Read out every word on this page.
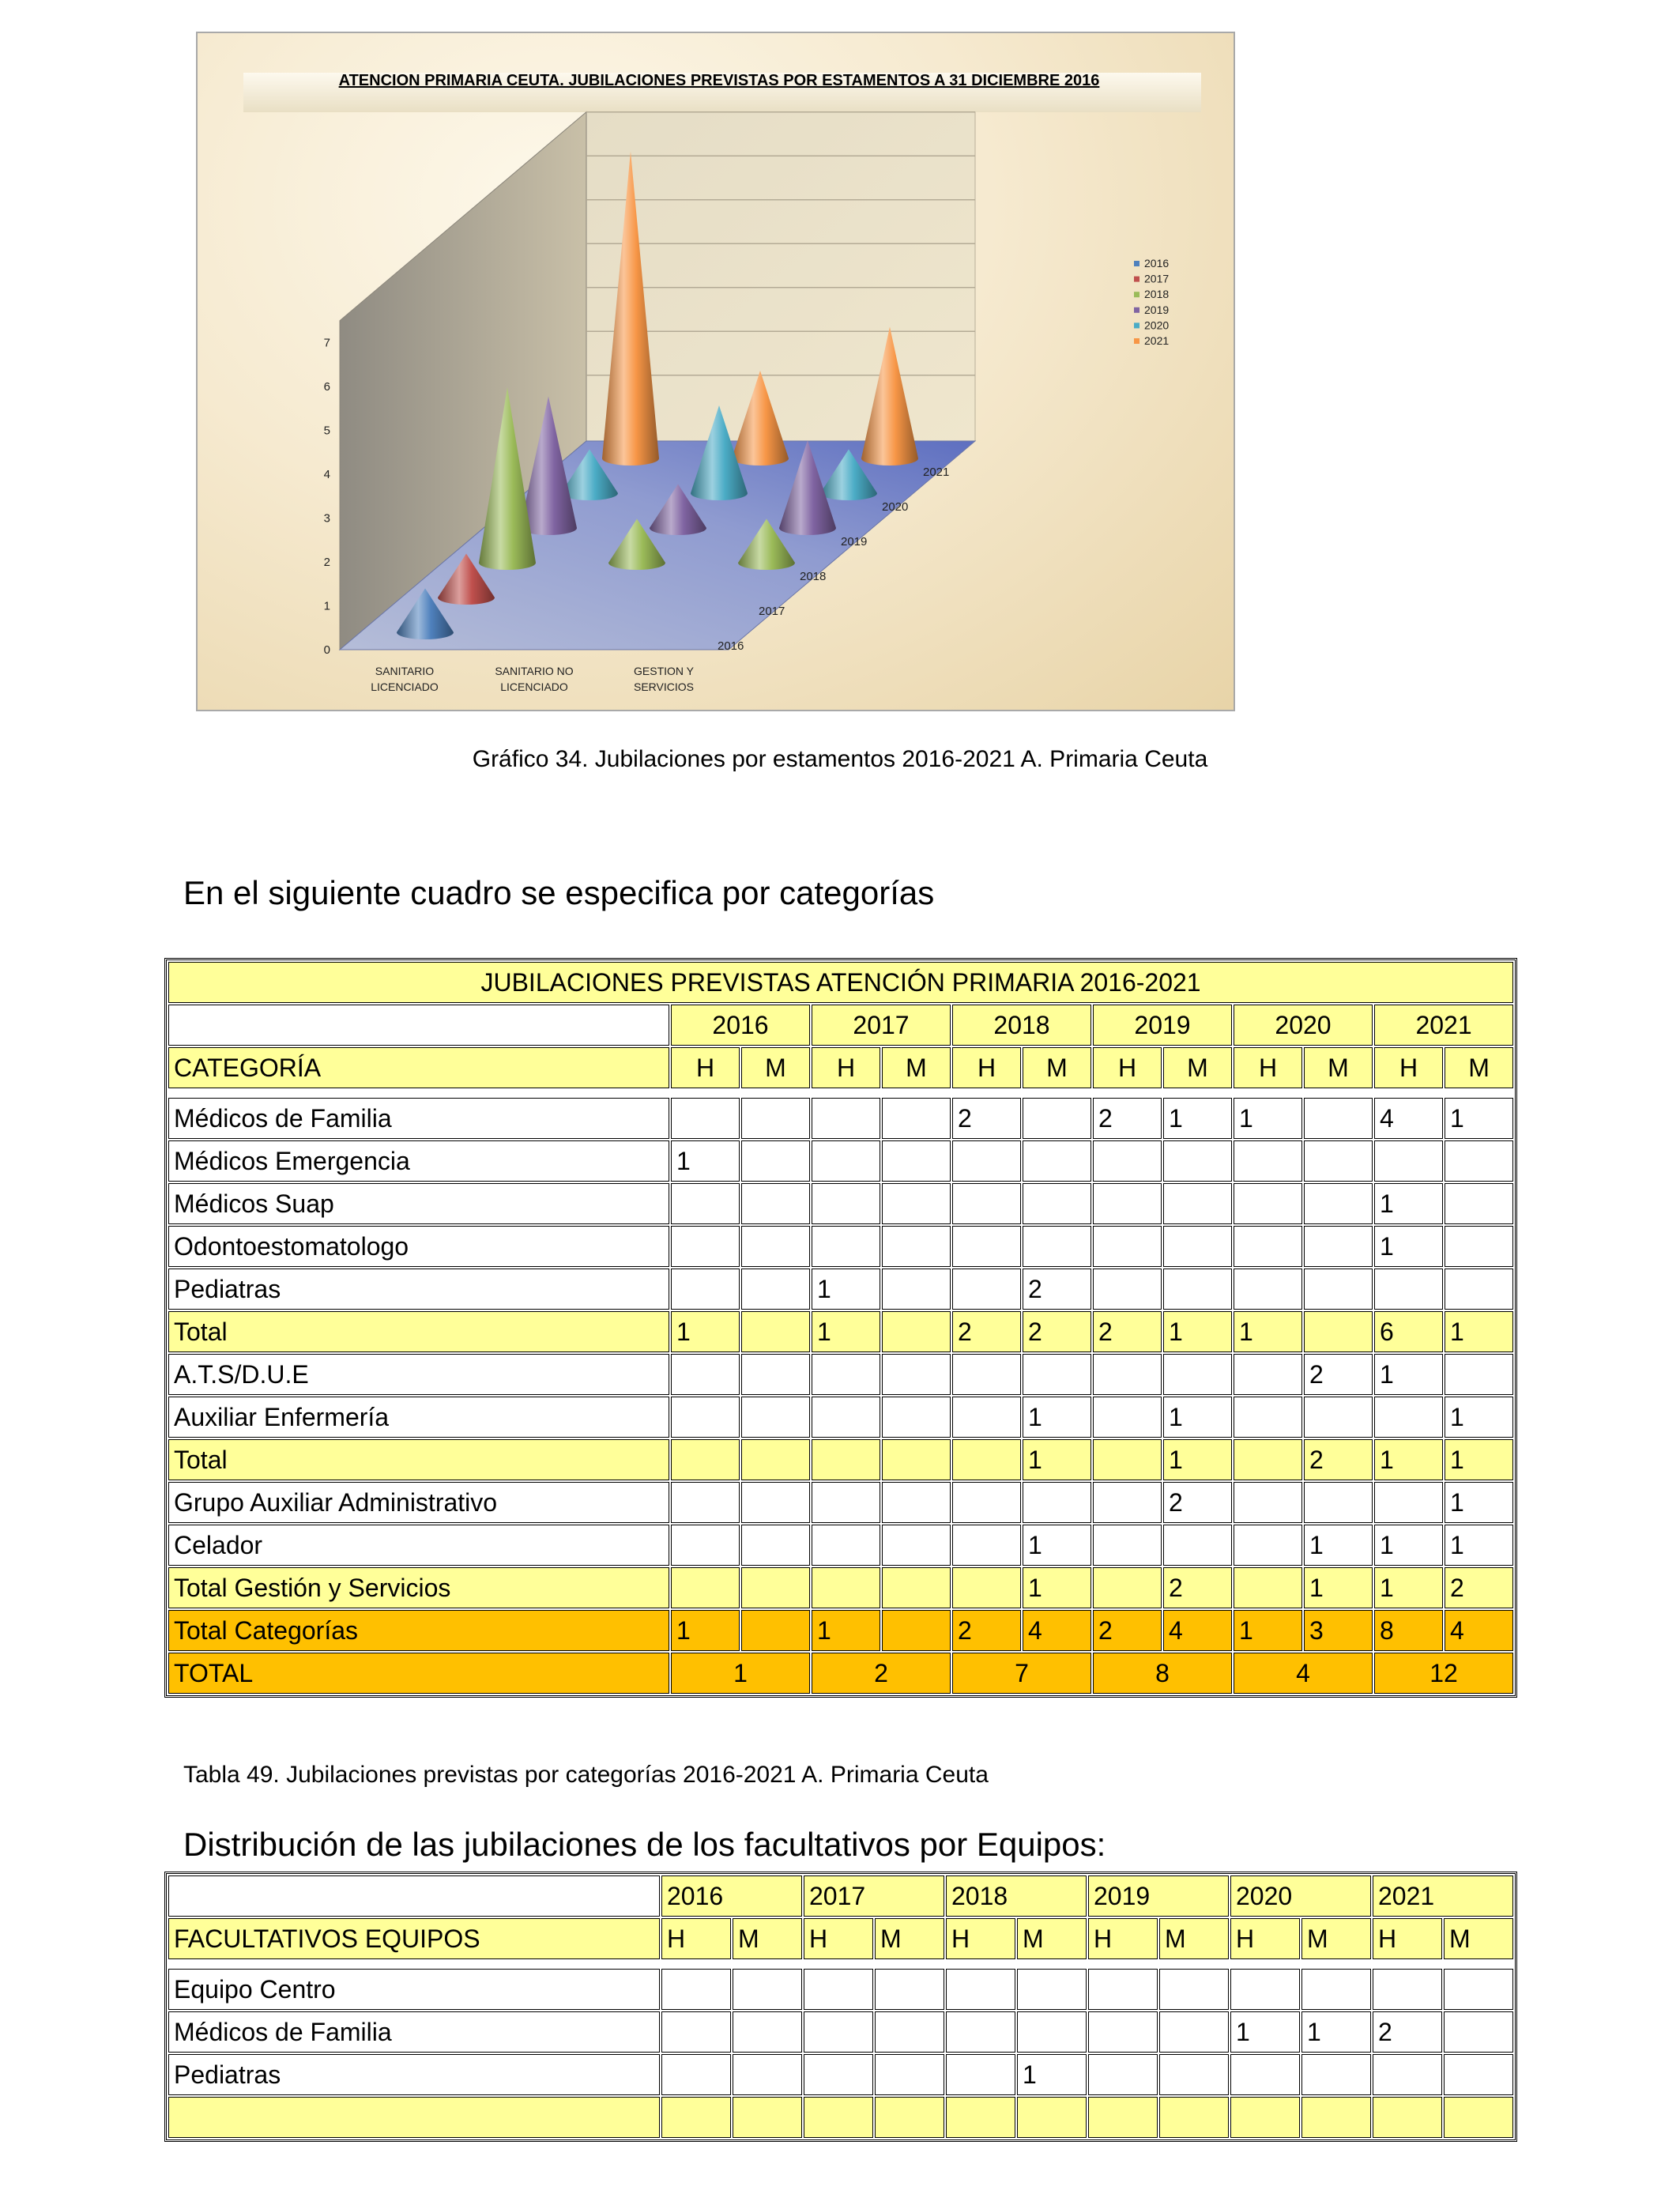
ATENCION PRIMARIA CEUTA. JUBILACIONES PREVISTAS POR ESTAMENTOS A 31 DICIEMBRE 2016
0
1
2
3
4
5
6
7
SANITARIO
LICENCIADO
SANITARIO NO
LICENCIADO
GESTION Y
SERVICIOS
2016
2017
2018
2019
2020
2021
2016
2017
2018
2019
2020
2021
Gráfico 34. Jubilaciones por estamentos 2016-2021 A. Primaria Ceuta
En el siguiente cuadro se especifica por categorías
JUBILACIONES PREVISTAS ATENCIÓN PRIMARIA 2016-2021												
	2016		2017		2018		2019		2020		2021	
CATEGORÍA	H	M	H	M	H	M	H	M	H	M	H	M

Médicos de Familia					2		2	1	1		4	1
Médicos Emergencia	1											
Médicos Suap											1	
Odontoestomatologo											1	
Pediatras			1			2						
Total	1		1		2	2	2	1	1		6	1
A.T.S/D.U.E										2	1	
Auxiliar Enfermería						1		1				1
Total						1		1		2	1	1
Grupo Auxiliar Administrativo								2				1
Celador						1				1	1	1
Total Gestión y Servicios						1		2		1	1	2
Total Categorías	1		1		2	4	2	4	1	3	8	4
TOTAL	1		2		7		8		4		12	
Tabla 49. Jubilaciones previstas por categorías 2016-2021 A. Primaria Ceuta
Distribución de las jubilaciones de los facultativos por Equipos:
	2016		2017		2018		2019		2020		2021	
FACULTATIVOS EQUIPOS	H	M	H	M	H	M	H	M	H	M	H	M

Equipo Centro												
Médicos de Familia									1	1	2	
Pediatras						1						
